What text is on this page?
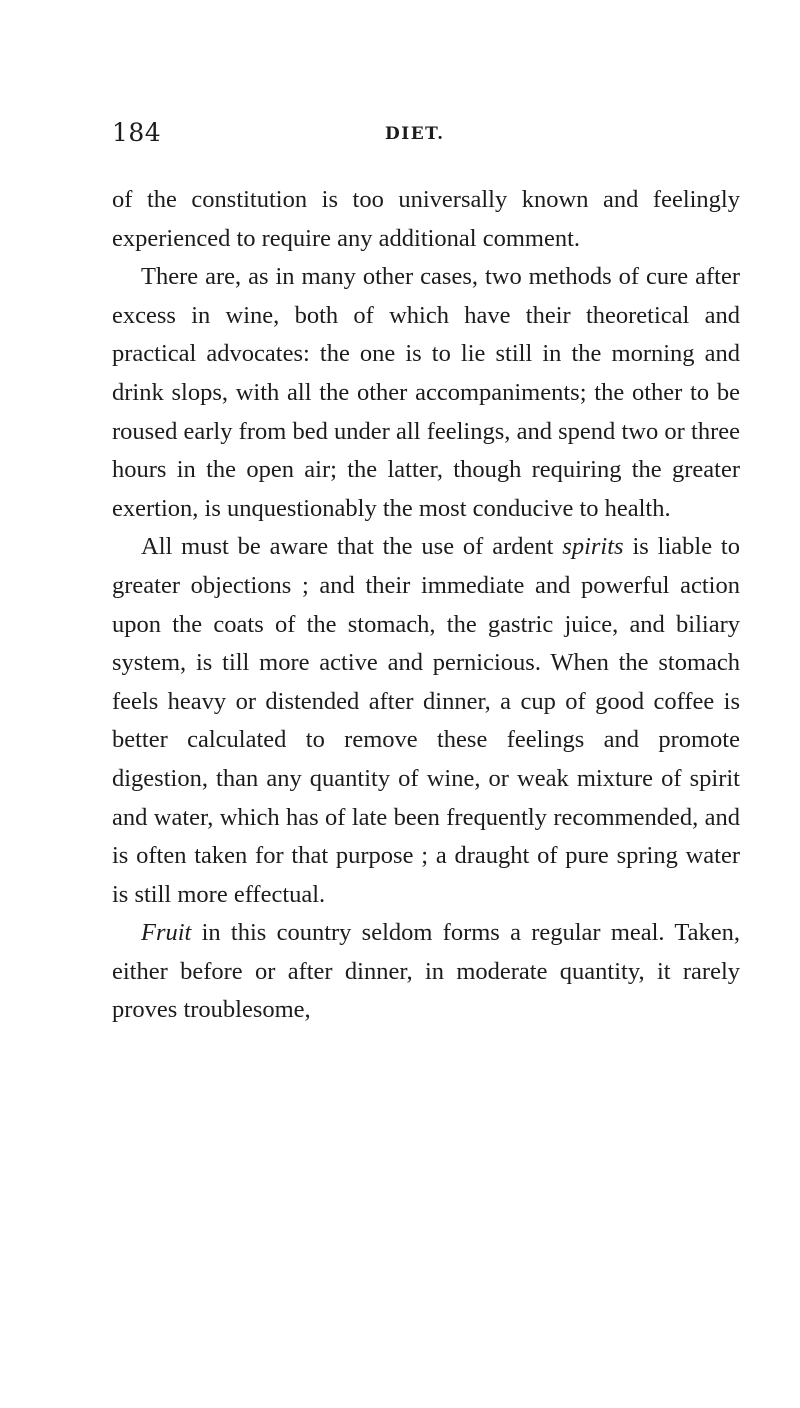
184	DIET.

of the constitution is too universally known and feelingly experienced to require any additional comment.

There are, as in many other cases, two methods of cure after excess in wine, both of which have their theoretical and practical advocates: the one is to lie still in the morning and drink slops, with all the other accompaniments; the other to be roused early from bed under all feelings, and spend two or three hours in the open air; the latter, though requiring the greater exertion, is unquestionably the most conducive to health.

All must be aware that the use of ardent spirits is liable to greater objections ; and their immediate and powerful action upon the coats of the stomach, the gastric juice, and biliary system, is till more active and pernicious. When the stomach feels heavy or distended after dinner, a cup of good coffee is better calculated to remove these feelings and promote digestion, than any quantity of wine, or weak mixture of spirit and water, which has of late been frequently recommended, and is often taken for that purpose ; a draught of pure spring water is still more effectual.

Fruit in this country seldom forms a regular meal. Taken, either before or after dinner, in moderate quantity, it rarely proves troublesome,
